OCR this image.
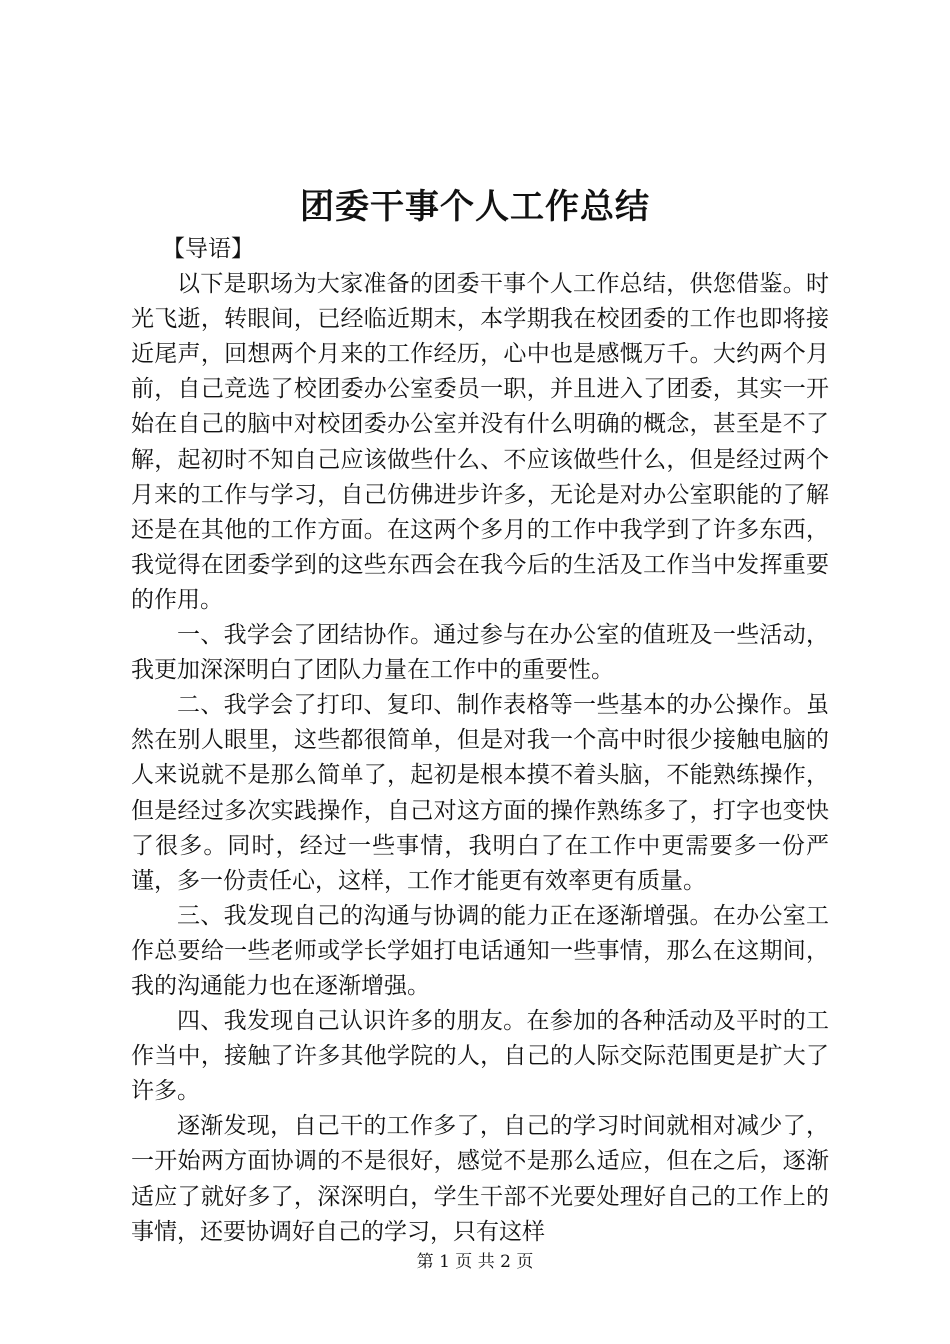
团委干事个人工作总结

【导语】

以下是职场为大家准备的团委干事个人工作总结，供您借鉴。时光飞逝，转眼间，已经临近期末，本学期我在校团委的工作也即将接近尾声，回想两个月来的工作经历，心中也是感慨万千。大约两个月前，自己竞选了校团委办公室委员一职，并且进入了团委，其实一开始在自己的脑中对校团委办公室并没有什么明确的概念，甚至是不了解，起初时不知自己应该做些什么、不应该做些什么，但是经过两个月来的工作与学习，自己仿佛进步许多，无论是对办公室职能的了解还是在其他的工作方面。在这两个多月的工作中我学到了许多东西，我觉得在团委学到的这些东西会在我今后的生活及工作当中发挥重要的作用。

一、我学会了团结协作。通过参与在办公室的值班及一些活动，我更加深深明白了团队力量在工作中的重要性。

二、我学会了打印、复印、制作表格等一些基本的办公操作。虽然在别人眼里，这些都很简单，但是对我一个高中时很少接触电脑的人来说就不是那么简单了，起初是根本摸不着头脑，不能熟练操作，但是经过多次实践操作，自己对这方面的操作熟练多了，打字也变快了很多。同时，经过一些事情，我明白了在工作中更需要多一份严谨，多一份责任心，这样，工作才能更有效率更有质量。

三、我发现自己的沟通与协调的能力正在逐渐增强。在办公室工作总要给一些老师或学长学姐打电话通知一些事情，那么在这期间，我的沟通能力也在逐渐增强。

四、我发现自己认识许多的朋友。在参加的各种活动及平时的工作当中，接触了许多其他学院的人，自己的人际交际范围更是扩大了许多。

逐渐发现，自己干的工作多了，自己的学习时间就相对减少了，一开始两方面协调的不是很好，感觉不是那么适应，但在之后，逐渐适应了就好多了，深深明白，学生干部不光要处理好自己的工作上的事情，还要协调好自己的学习，只有这样

第 1 页 共 2 页
